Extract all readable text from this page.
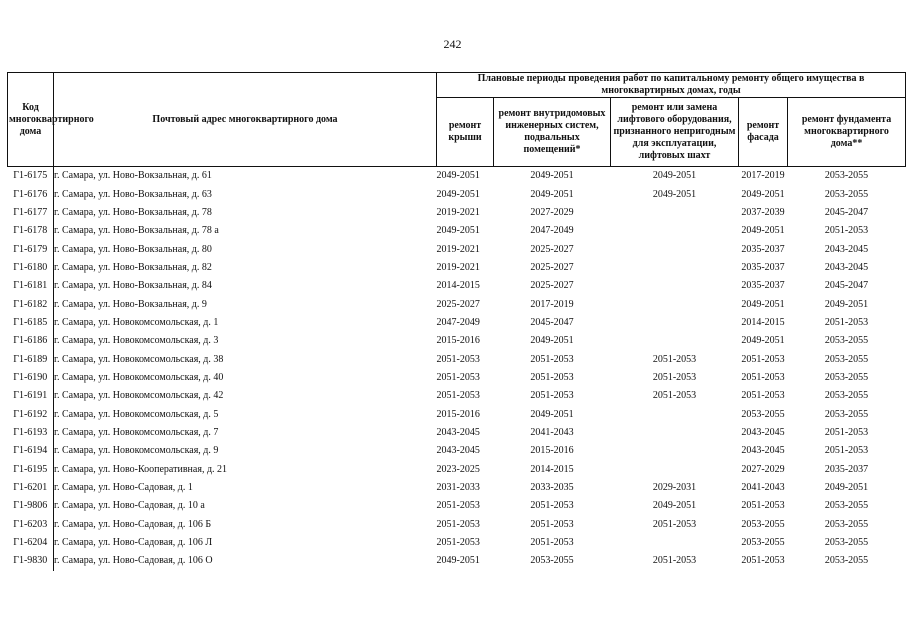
242
Код многоквартирного дома	Почтовый адрес многоквартирного дома	Плановые периоды проведения работ по капитальному ремонту общего имущества в многоквартирных домах, годы				
		ремонт крыши	ремонт внутридомовых инженерных систем, подвальных помещений*	ремонт или замена лифтового оборудования, признанного непригодным для эксплуатации, лифтовых шахт	ремонт фасада	ремонт фундамента многоквартирного дома**
Г1-6175	г. Самара, ул. Ново-Вокзальная, д. 61	2049-2051	2049-2051	2049-2051	2017-2019	2053-2055
Г1-6176	г. Самара, ул. Ново-Вокзальная, д. 63	2049-2051	2049-2051	2049-2051	2049-2051	2053-2055
Г1-6177	г. Самара, ул. Ново-Вокзальная, д. 78	2019-2021	2027-2029		2037-2039	2045-2047
Г1-6178	г. Самара, ул. Ново-Вокзальная, д. 78 а	2049-2051	2047-2049		2049-2051	2051-2053
Г1-6179	г. Самара, ул. Ново-Вокзальная, д. 80	2019-2021	2025-2027		2035-2037	2043-2045
Г1-6180	г. Самара, ул. Ново-Вокзальная, д. 82	2019-2021	2025-2027		2035-2037	2043-2045
Г1-6181	г. Самара, ул. Ново-Вокзальная, д. 84	2014-2015	2025-2027		2035-2037	2045-2047
Г1-6182	г. Самара, ул. Ново-Вокзальная, д. 9	2025-2027	2017-2019		2049-2051	2049-2051
Г1-6185	г. Самара, ул. Новокомсомольская, д. 1	2047-2049	2045-2047		2014-2015	2051-2053
Г1-6186	г. Самара, ул. Новокомсомольская, д. 3	2015-2016	2049-2051		2049-2051	2053-2055
Г1-6189	г. Самара, ул. Новокомсомольская, д. 38	2051-2053	2051-2053	2051-2053	2051-2053	2053-2055
Г1-6190	г. Самара, ул. Новокомсомольская, д. 40	2051-2053	2051-2053	2051-2053	2051-2053	2053-2055
Г1-6191	г. Самара, ул. Новокомсомольская, д. 42	2051-2053	2051-2053	2051-2053	2051-2053	2053-2055
Г1-6192	г. Самара, ул. Новокомсомольская, д. 5	2015-2016	2049-2051		2053-2055	2053-2055
Г1-6193	г. Самара, ул. Новокомсомольская, д. 7	2043-2045	2041-2043		2043-2045	2051-2053
Г1-6194	г. Самара, ул. Новокомсомольская, д. 9	2043-2045	2015-2016		2043-2045	2051-2053
Г1-6195	г. Самара, ул. Ново-Кооперативная, д. 21	2023-2025	2014-2015		2027-2029	2035-2037
Г1-6201	г. Самара, ул. Ново-Садовая, д. 1	2031-2033	2033-2035	2029-2031	2041-2043	2049-2051
Г1-9806	г. Самара, ул. Ново-Садовая, д. 10 а	2051-2053	2051-2053	2049-2051	2051-2053	2053-2055
Г1-6203	г. Самара, ул. Ново-Садовая, д. 106 Б	2051-2053	2051-2053	2051-2053	2053-2055	2053-2055
Г1-6204	г. Самара, ул. Ново-Садовая, д. 106 Л	2051-2053	2051-2053		2053-2055	2053-2055
Г1-9830	г. Самара, ул. Ново-Садовая, д. 106 О	2049-2051	2053-2055	2051-2053	2051-2053	2053-2055
